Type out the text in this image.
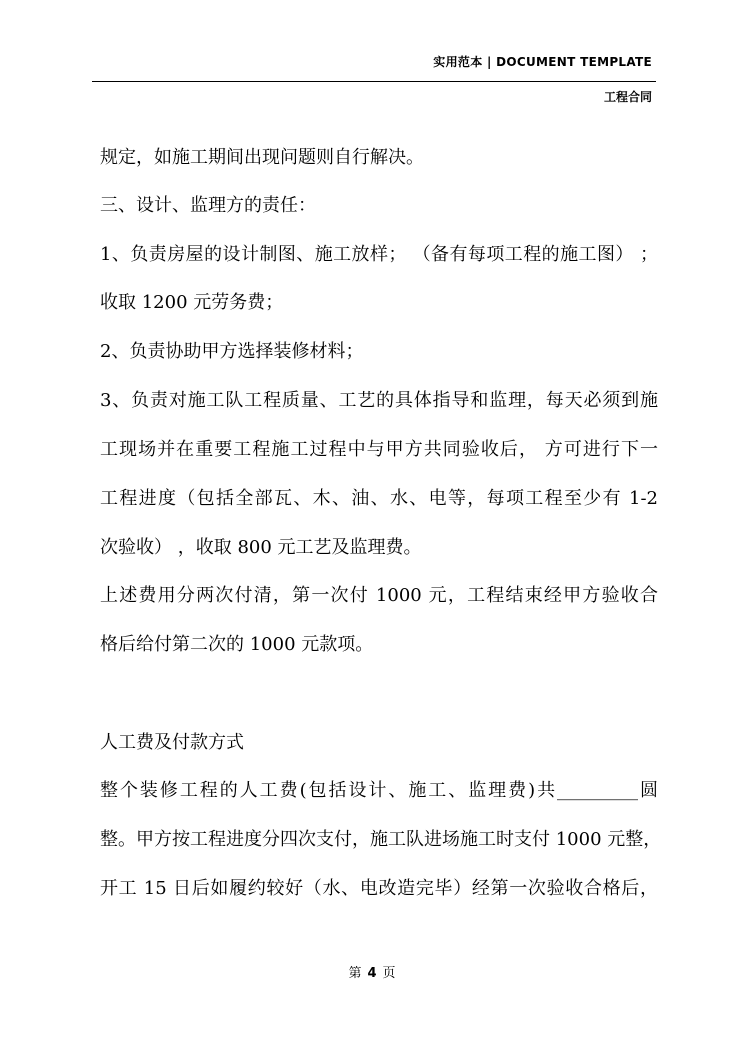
实用范本 | DOCUMENT TEMPLATE
工程合同
规定，如施工期间出现问题则自行解决。
三、设计、监理方的责任：
1、负责房屋的设计制图、施工放样； （备有每项工程的施工图） ；
收取 1200 元劳务费；
2、负责协助甲方选择装修材料；
3、负责对施工队工程质量、工艺的具体指导和监理，每天必须到施
工现场并在重要工程施工过程中与甲方共同验收后， 方可进行下一
工程进度（包括全部瓦、木、油、水、电等，每项工程至少有 1-2
次验收） ，收取 800 元工艺及监理费。
上述费用分两次付清，第一次付 1000 元，工程结束经甲方验收合
格后给付第二次的 1000 元款项。
人工费及付款方式
整个装修工程的人工费(包括设计、施工、监理费)共_________圆
整。甲方按工程进度分四次支付，施工队进场施工时支付 1000 元整，
开工 15 日后如履约较好（水、电改造完毕）经第一次验收合格后，
第 4 页
